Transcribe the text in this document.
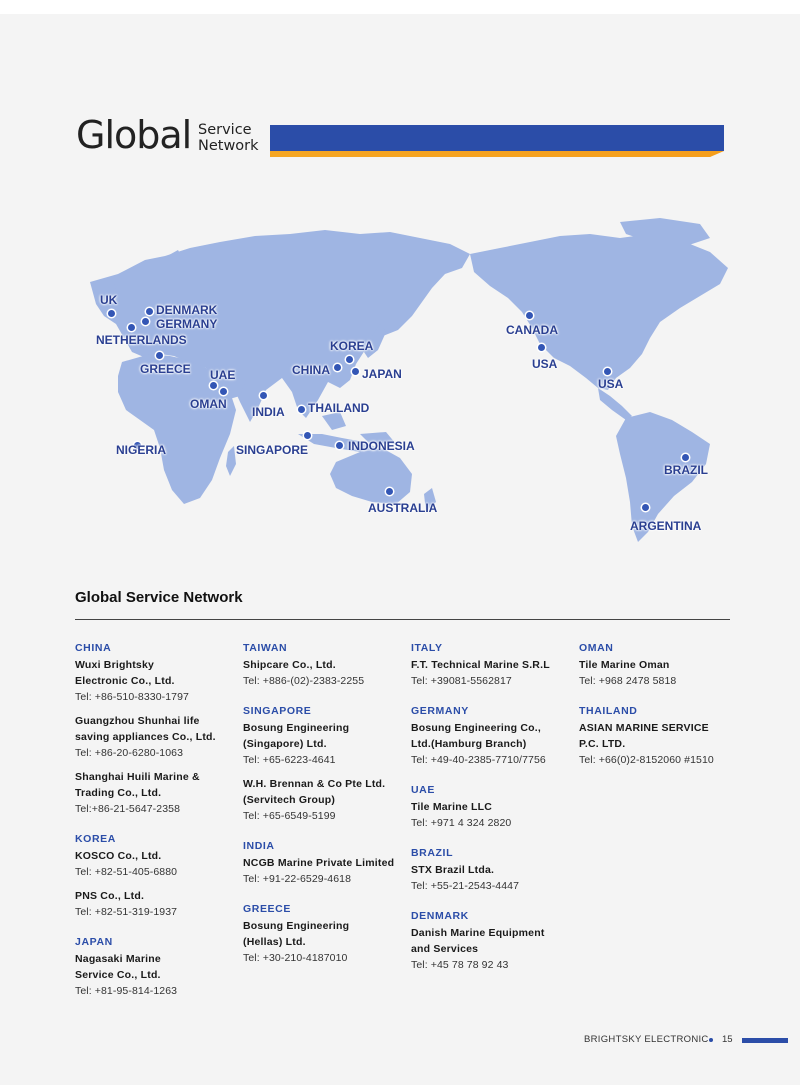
Global Service
Network
UK
DENMARK
GERMANY
NETHERLANDS
GREECE UAE
OMAN
NIGERIA
INDIA
SINGAPORE
THAILAND
INDONESIA
AUSTRALIA
CHINA
KOREA
JAPAN
CANADA
USA
USA
BRAZIL
ARGENTINA
Global Service Network
CHINA
Wuxi Brightsky
Electronic Co., Ltd.
Tel: +86-510-8330-1797
Guangzhou Shunhai life
saving appliances Co., Ltd.
Tel: +86-20-6280-1063
Shanghai Huili Marine &
Trading Co., Ltd.
Tel:+86-21-5647-2358
KOREA
KOSCO Co., Ltd.
Tel: +82-51-405-6880
PNS Co., Ltd.
Tel: +82-51-319-1937
JAPAN
Nagasaki Marine
Service Co., Ltd.
Tel: +81-95-814-1263
TAIWAN
Shipcare Co., Ltd.
Tel: +886-(02)-2383-2255
SINGAPORE
Bosung Engineering
(Singapore) Ltd.
Tel: +65-6223-4641
W.H. Brennan & Co Pte Ltd.
(Servitech Group)
Tel: +65-6549-5199
INDIA
NCGB Marine Private Limited
Tel: +91-22-6529-4618
GREECE
Bosung Engineering
(Hellas) Ltd.
Tel: +30-210-4187010
ITALY
F.T. Technical Marine S.R.L
Tel: +39081-5562817
GERMANY
Bosung Engineering Co.,
Ltd.(Hamburg Branch)
Tel: +49-40-2385-7710/7756
UAE
Tile Marine LLC
Tel: +971 4 324 2820
BRAZIL
STX Brazil Ltda.
Tel: +55-21-2543-4447
DENMARK
Danish Marine Equipment
and Services
Tel: +45 78 78 92 43
OMAN
Tile Marine Oman
Tel: +968 2478 5818
THAILAND
ASIAN MARINE SERVICE
P.C. LTD.
Tel: +66(0)2-8152060 #1510
BRIGHTSKY ELECTRONIC 15
